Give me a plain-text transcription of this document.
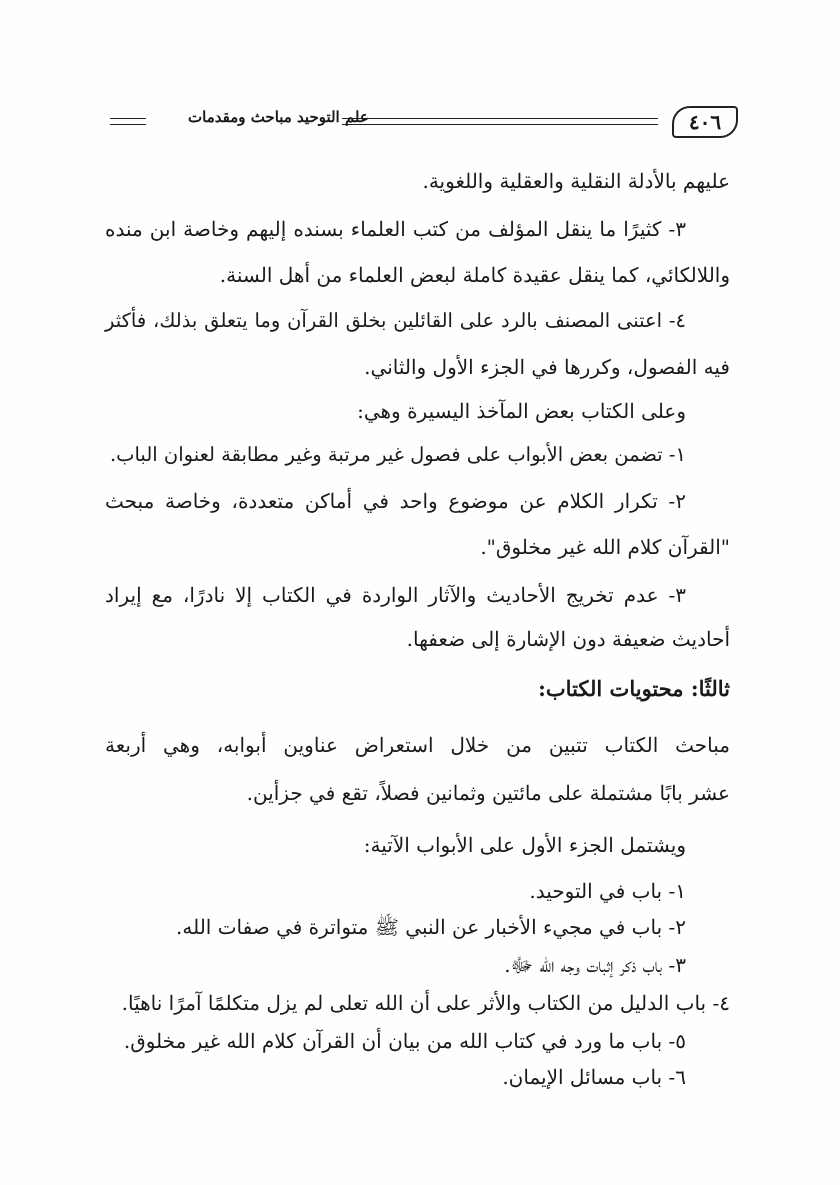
٤٠٦
علم التوحيد مباحث ومقدمات
عليهم بالأدلة النقلية والعقلية واللغوية.
٣- كثيرًا ما ينقل المؤلف من كتب العلماء بسنده إليهم وخاصة ابن منده
واللالكائي، كما ينقل عقيدة كاملة لبعض العلماء من أهل السنة.
٤- اعتنى المصنف بالرد على القائلين بخلق القرآن وما يتعلق بذلك، فأكثر
فيه الفصول، وكررها في الجزء الأول والثاني.
وعلى الكتاب بعض المآخذ اليسيرة وهي:
١- تضمن بعض الأبواب على فصول غير مرتبة وغير مطابقة لعنوان الباب.
٢- تكرار الكلام عن موضوع واحد في أماكن متعددة، وخاصة مبحث
"القرآن كلام الله غير مخلوق".
٣- عدم تخريج الأحاديث والآثار الواردة في الكتاب إلا نادرًا، مع إيراد
أحاديث ضعيفة دون الإشارة إلى ضعفها.
ثالثًا: محتويات الكتاب:
مباحث الكتاب تتبين من خلال استعراض عناوين أبوابه، وهي أربعة
عشر بابًا مشتملة على مائتين وثمانين فصلاً، تقع في جزأين.
ويشتمل الجزء الأول على الأبواب الآتية:
١- باب في التوحيد.
٢- باب في مجيء الأخبار عن النبي ﷺ متواترة في صفات الله.
٣- باب ذكر إثبات وجه الله ﷻ.
٤- باب الدليل من الكتاب والأثر على أن الله تعلى لم يزل متكلمًا آمرًا ناهيًا.
٥- باب ما ورد في كتاب الله من بيان أن القرآن كلام الله غير مخلوق.
٦- باب مسائل الإيمان.
